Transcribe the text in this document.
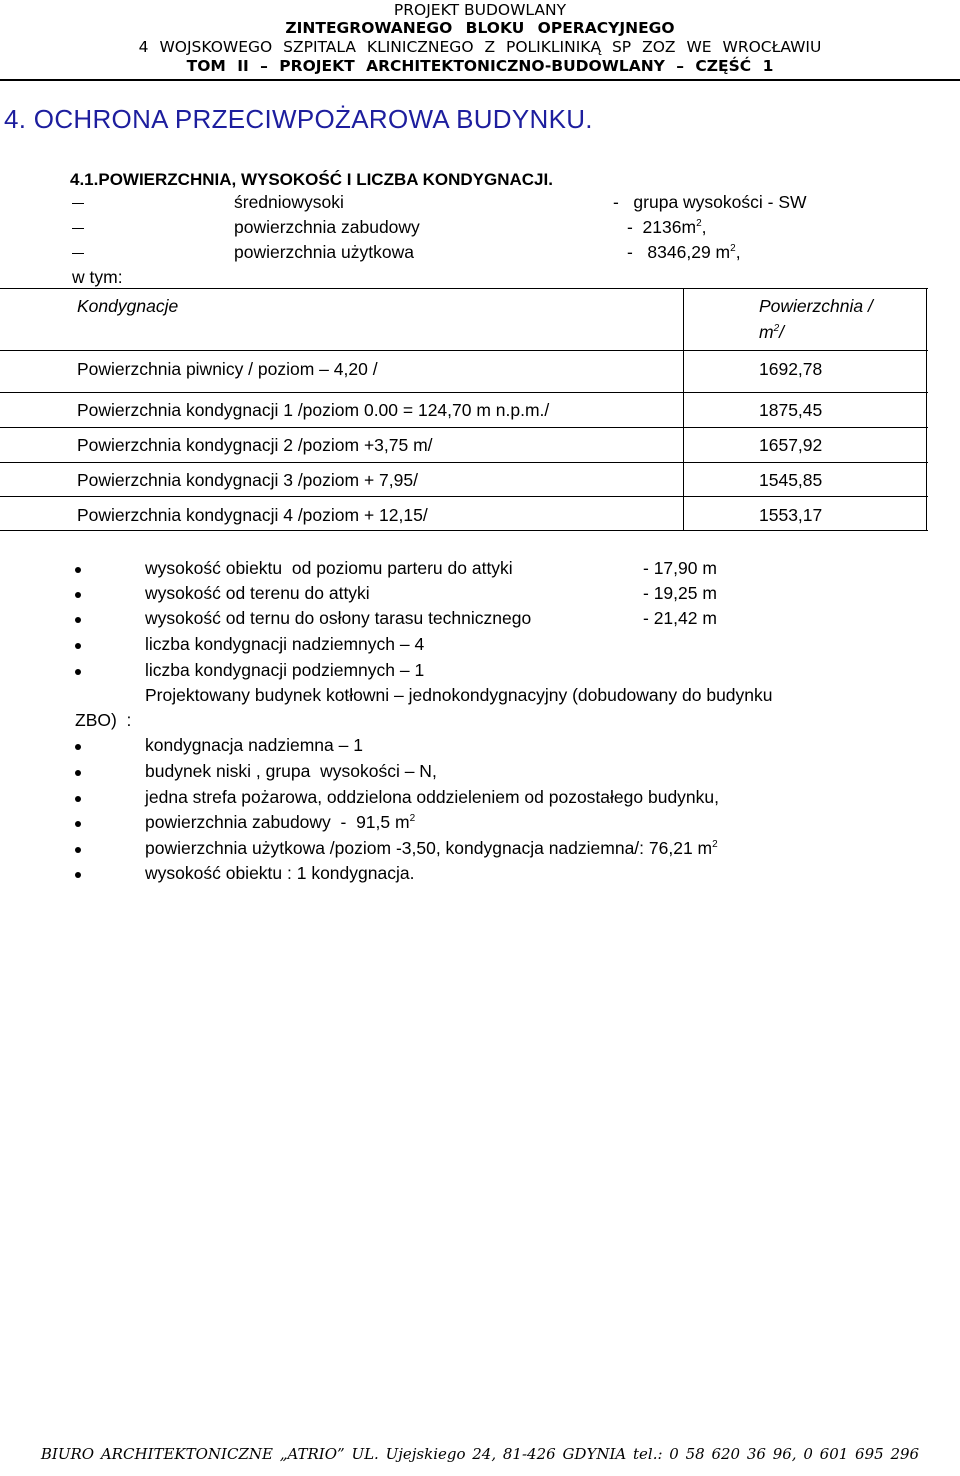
PROJEKT BUDOWLANY
ZINTEGROWANEGO BLOKU OPERACYJNEGO
4 WOJSKOWEGO SZPITALA KLINICZNEGO Z POLIKLINIKĄ SP ZOZ WE WROCŁAWIU
TOM II – PROJEKT ARCHITEKTONICZNO-BUDOWLANY – CZĘŚĆ 1
4. OCHRONA PRZECIWPOŻAROWA BUDYNKU.
4.1.POWIERZCHNIA, WYSOKOŚĆ I LICZBA KONDYGNACJI.
średniowysoki	-   grupa wysokości - SW
powierzchnia zabudowy	-  $2136m^2$,
powierzchnia użytkowa	-   8346,29 $m^2$,
w tym:
Kondygnacje	Powierzchnia /
$m^2/$
Powierzchnia piwnicy / poziom – 4,20 /	1692,78
Powierzchnia kondygnacji 1 /poziom 0.00 = 124,70 m n.p.m./	1875,45
Powierzchnia kondygnacji 2 /poziom +3,75 m/	1657,92
Powierzchnia kondygnacji 3 /poziom + 7,95/	1545,85
Powierzchnia kondygnacji 4 /poziom + 12,15/	1553,17
wysokość obiektu  od poziomu parteru do attyki	- 17,90 m
wysokość od terenu do attyki	- 19,25 m
wysokość od ternu do osłony tarasu technicznego	- 21,42 m
liczba kondygnacji nadziemnych – 4
liczba kondygnacji podziemnych – 1
Projektowany budynek kotłowni – jednokondygnacyjny (dobudowany do budynku
ZBO)  :
kondygnacja nadziemna – 1
budynek niski , grupa  wysokości – N,
jedna strefa pożarowa, oddzielona oddzieleniem od pozostałego budynku,
powierzchnia zabudowy  -  91,5 $m^2$
powierzchnia użytkowa /poziom -3,50, kondygnacja nadziemna/: 76,21 $m^2$
wysokość obiektu : 1 kondygnacja.
BIURO ARCHITEKTONICZNE „ATRIO” UL. Ujejskiego 24, 81-426 GDYNIA tel.: 0 58 620 36 96, 0 601 695 296
